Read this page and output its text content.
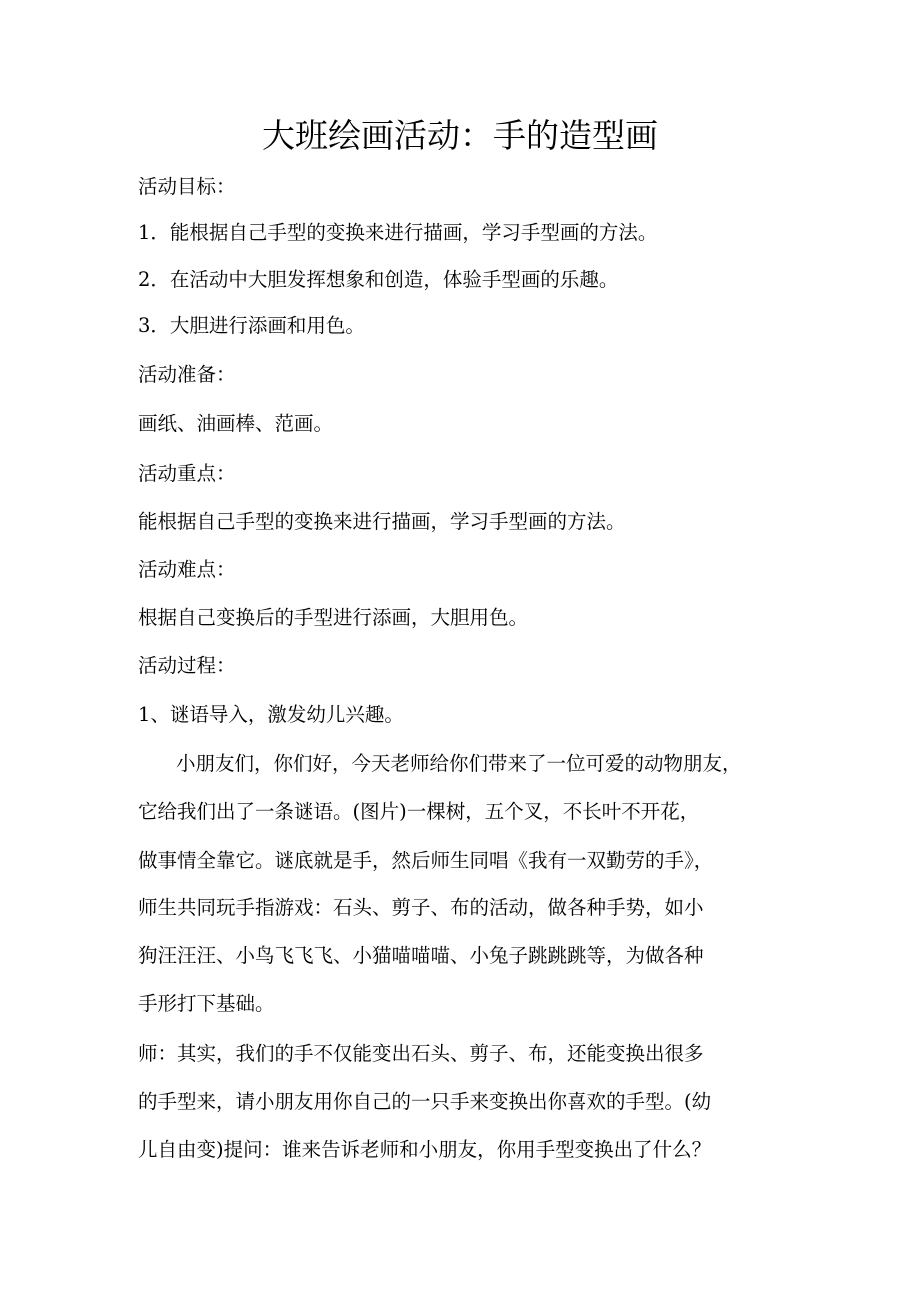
大班绘画活动：手的造型画
活动目标：
1．能根据自己手型的变换来进行描画，学习手型画的方法。
2．在活动中大胆发挥想象和创造，体验手型画的乐趣。
3．大胆进行添画和用色。
活动准备：
画纸、油画棒、范画。
活动重点：
能根据自己手型的变换来进行描画，学习手型画的方法。
活动难点：
根据自己变换后的手型进行添画，大胆用色。
活动过程：
1、谜语导入，激发幼儿兴趣。
小朋友们，你们好，今天老师给你们带来了一位可爱的动物朋友，
它给我们出了一条谜语。(图片)一棵树，五个叉，不长叶不开花，
做事情全靠它。谜底就是手，然后师生同唱《我有一双勤劳的手》，
师生共同玩手指游戏：石头、剪子、布的活动，做各种手势，如小
狗汪汪汪、小鸟飞飞飞、小猫喵喵喵、小兔子跳跳跳等，为做各种
手形打下基础。
师：其实，我们的手不仅能变出石头、剪子、布，还能变换出很多
的手型来，请小朋友用你自己的一只手来变换出你喜欢的手型。(幼
儿自由变)提问：谁来告诉老师和小朋友，你用手型变换出了什么？
